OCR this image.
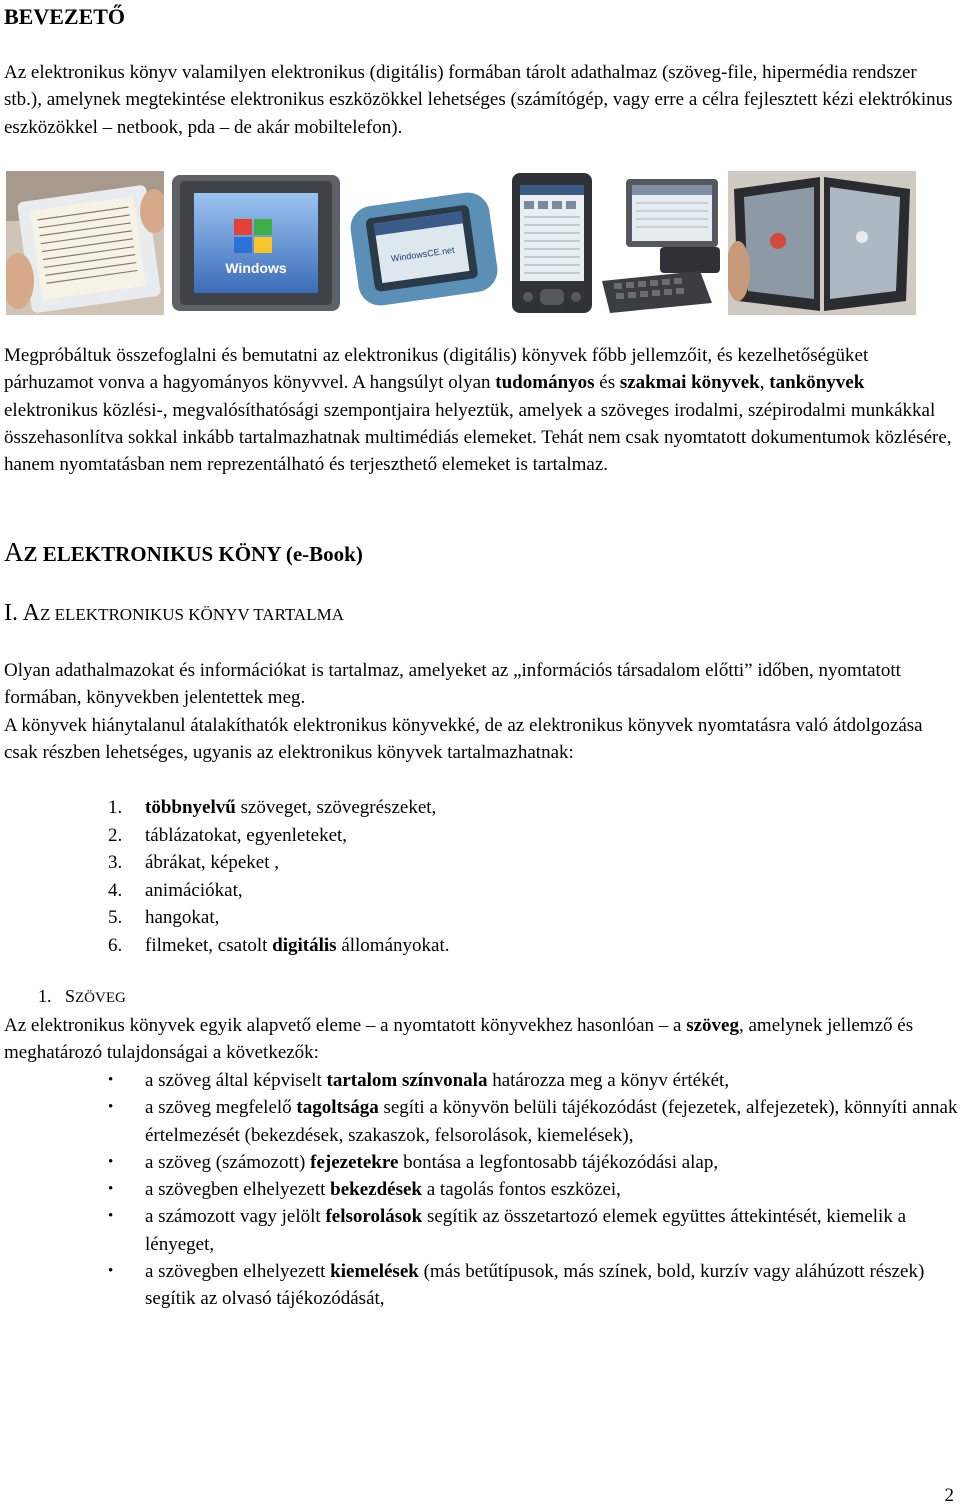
BEVEZETŐ
Az elektronikus könyv valamilyen elektronikus (digitális) formában tárolt adathalmaz (szöveg-file, hipermédia rendszer stb.), amelynek megtekintése elektronikus eszközökkel lehetséges (számítógép, vagy erre a célra fejlesztett kézi elektrókinus eszközökkel – netbook, pda – de akár mobiltelefon).
Windows
WindowsCE.net
Megpróbáltuk összefoglalni és bemutatni az elektronikus (digitális) könyvek főbb jellemzőit, és kezelhetőségüket párhuzamot vonva a hagyományos könyvvel. A hangsúlyt olyan tudományos és szakmai könyvek, tankönyvek elektronikus közlési-, megvalósíthatósági szempontjaira helyeztük, amelyek a szöveges irodalmi, szépirodalmi munkákkal összehasonlítva sokkal inkább tartalmazhatnak multimédiás elemeket. Tehát nem csak nyomtatott dokumentumok közlésére, hanem nyomtatásban nem reprezentálható és terjeszthető elemeket is tartalmaz.
AZ ELEKTRONIKUS KÖNY (e-Book)
I. AZ ELEKTRONIKUS KÖNYV TARTALMA
Olyan adathalmazokat és információkat is tartalmaz, amelyeket az „információs társadalom előtti” időben, nyomtatott formában, könyvekben jelentettek meg.
A könyvek hiánytalanul átalakíthatók elektronikus könyvekké, de az elektronikus könyvek nyomtatásra való átdolgozása csak részben lehetséges, ugyanis az elektronikus könyvek tartalmazhatnak:
1.	többnyelvű szöveget, szövegrészeket,
2.	táblázatokat, egyenleteket,
3.	ábrákat, képeket ,
4.	animációkat,
5.	hangokat,
6.	filmeket, csatolt digitális állományokat.
1. SZÖVEG
Az elektronikus könyvek egyik alapvető eleme – a nyomtatott könyvekhez hasonlóan – a szöveg, amelynek jellemző és meghatározó tulajdonságai a következők:
•	a szöveg által képviselt tartalom színvonala határozza meg a könyv értékét,
•	a szöveg megfelelő tagoltsága segíti a könyvön belüli tájékozódást (fejezetek, alfejezetek), könnyíti annak értelmezését (bekezdések, szakaszok, felsorolások, kiemelések),
•	a szöveg (számozott) fejezetekre bontása a legfontosabb tájékozódási alap,
•	a szövegben elhelyezett bekezdések a tagolás fontos eszközei,
•	a számozott vagy jelölt felsorolások segítik az összetartozó elemek együttes áttekintését, kiemelik a lényeget,
•	a szövegben elhelyezett kiemelések (más betűtípusok, más színek, bold, kurzív vagy aláhúzott részek) segítik az olvasó tájékozódását,
2
